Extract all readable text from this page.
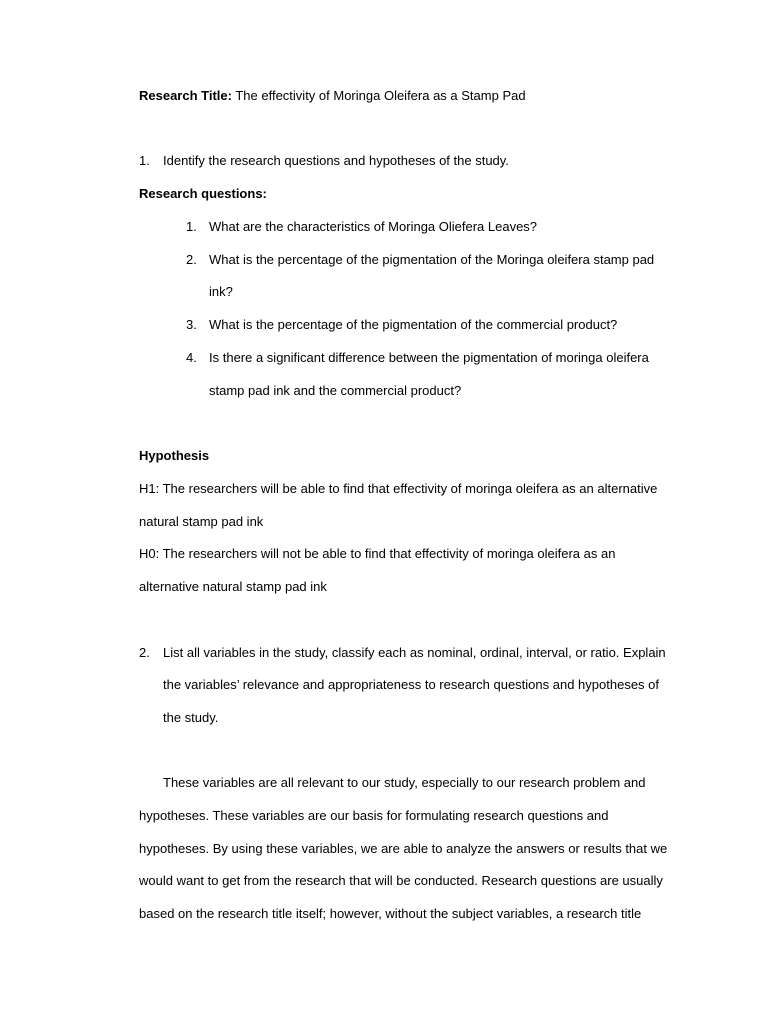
Research Title: The effectivity of Moringa Oleifera as a Stamp Pad
1.	Identify the research questions and hypotheses of the study.
Research questions:
1. What are the characteristics of Moringa Oliefera Leaves?
2. What is the percentage of the pigmentation of the Moringa oleifera stamp pad
ink?
3. What is the percentage of the pigmentation of the commercial product?
4. Is there a significant difference between the pigmentation of moringa oleifera
stamp pad ink and the commercial product?
Hypothesis
H1: The researchers will be able to find that effectivity of moringa oleifera as an alternative
natural stamp pad ink
H0: The researchers will not be able to find that effectivity of moringa oleifera as an
alternative natural stamp pad ink
2.	List all variables in the study, classify each as nominal, ordinal, interval, or ratio. Explain
the variables’ relevance and appropriateness to research questions and hypotheses of
the study.
These variables are all relevant to our study, especially to our research problem and
hypotheses. These variables are our basis for formulating research questions and
hypotheses. By using these variables, we are able to analyze the answers or results that we
would want to get from the research that will be conducted. Research questions are usually
based on the research title itself; however, without the subject variables, a research title
